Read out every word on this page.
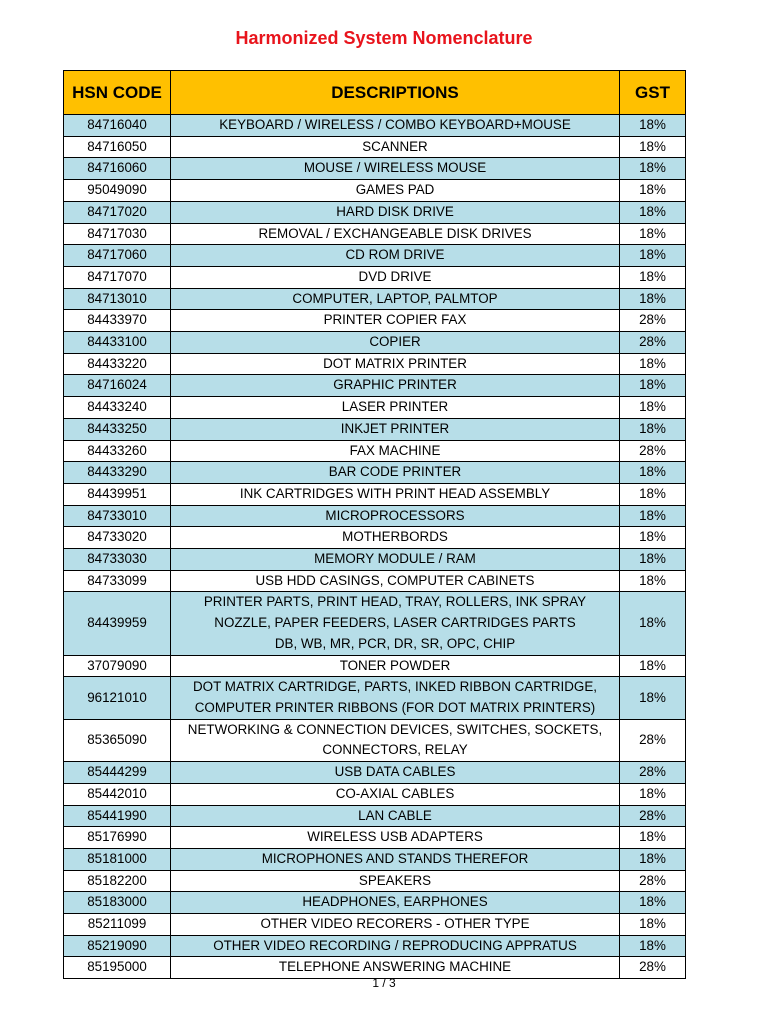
Harmonized System Nomenclature
HSN CODE	DESCRIPTIONS	GST
84716040	KEYBOARD / WIRELESS / COMBO KEYBOARD+MOUSE	18%
84716050	SCANNER	18%
84716060	MOUSE / WIRELESS MOUSE	18%
95049090	GAMES PAD	18%
84717020	HARD DISK DRIVE	18%
84717030	REMOVAL / EXCHANGEABLE DISK DRIVES	18%
84717060	CD ROM DRIVE	18%
84717070	DVD DRIVE	18%
84713010	COMPUTER, LAPTOP, PALMTOP	18%
84433970	PRINTER COPIER FAX	28%
84433100	COPIER	28%
84433220	DOT MATRIX PRINTER	18%
84716024	GRAPHIC PRINTER	18%
84433240	LASER PRINTER	18%
84433250	INKJET PRINTER	18%
84433260	FAX MACHINE	28%
84433290	BAR CODE PRINTER	18%
84439951	INK CARTRIDGES WITH PRINT HEAD ASSEMBLY	18%
84733010	MICROPROCESSORS	18%
84733020	MOTHERBORDS	18%
84733030	MEMORY MODULE / RAM	18%
84733099	USB HDD CASINGS, COMPUTER CABINETS	18%
84439959	PRINTER PARTS, PRINT HEAD, TRAY, ROLLERS, INK SPRAY
NOZZLE, PAPER FEEDERS, LASER CARTRIDGES PARTS
DB, WB, MR, PCR, DR, SR, OPC, CHIP	18%
37079090	TONER POWDER	18%
96121010	DOT MATRIX CARTRIDGE, PARTS, INKED RIBBON CARTRIDGE,
COMPUTER PRINTER RIBBONS (FOR DOT MATRIX PRINTERS)	18%
85365090	NETWORKING & CONNECTION DEVICES, SWITCHES, SOCKETS,
CONNECTORS, RELAY	28%
85444299	USB DATA CABLES	28%
85442010	CO-AXIAL CABLES	18%
85441990	LAN CABLE	28%
85176990	WIRELESS USB ADAPTERS	18%
85181000	MICROPHONES AND STANDS THEREFOR	18%
85182200	SPEAKERS	28%
85183000	HEADPHONES, EARPHONES	18%
85211099	OTHER VIDEO RECORERS - OTHER TYPE	18%
85219090	OTHER VIDEO RECORDING / REPRODUCING APPRATUS	18%
85195000	TELEPHONE ANSWERING MACHINE	28%
1 / 3
